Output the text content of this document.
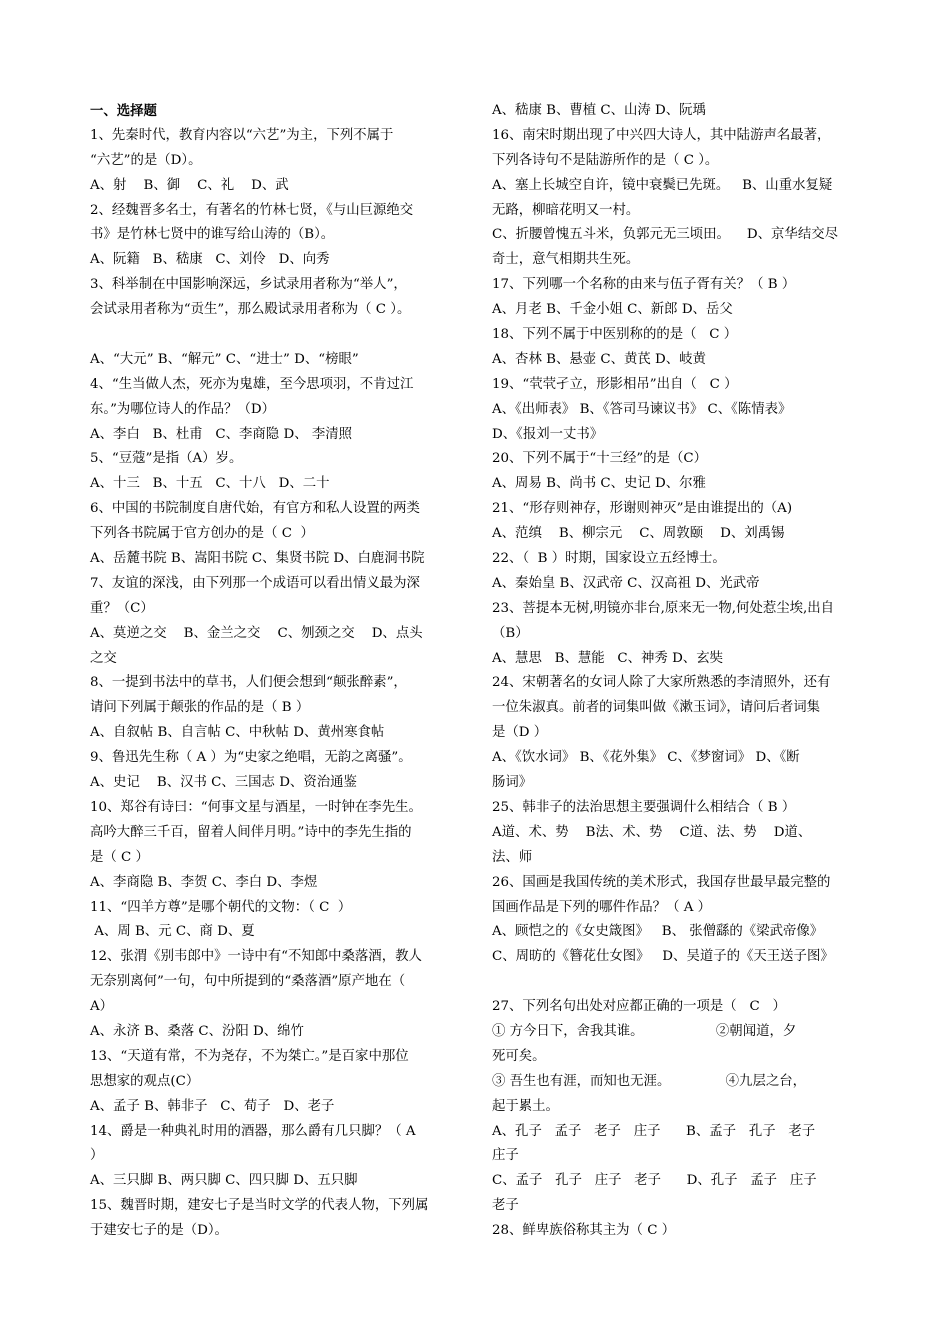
一、选择题
1、先秦时代，教育内容以“六艺”为主，下列不属于
“六艺”的是（D）。
A、射    B、御    C、礼    D、武
2、经魏晋多名士，有著名的竹林七贤，《与山巨源绝交
书》是竹林七贤中的谁写给山涛的（B）。
A、阮籍   B、嵇康   C、刘伶   D、向秀
3、科举制在中国影响深远，乡试录用者称为“举人”，
会试录用者称为“贡生”，那么殿试录用者称为（ C ）。
A、“大元” B、“解元” C、“进士” D、“榜眼”
4、“生当做人杰，死亦为鬼雄，至今思项羽，不肯过江
东。”为哪位诗人的作品？（D）
A、李白   B、杜甫   C、李商隐 D、 李清照
5、“豆蔻”是指（A）岁。
A、十三   B、十五   C、十八   D、二十
6、中国的书院制度自唐代始，有官方和私人设置的两类
下列各书院属于官方创办的是（ C  ）
A、岳麓书院 B、嵩阳书院 C、集贤书院 D、白鹿洞书院
7、友谊的深浅，由下列那一个成语可以看出情义最为深
重？（C）
A、莫逆之交    B、金兰之交    C、刎颈之交    D、点头
之交
8、一提到书法中的草书，人们便会想到“颠张醉素”，
请问下列属于颠张的作品的是（ B ）
A、自叙帖 B、自言帖 C、中秋帖 D、黄州寒食帖
9、鲁迅先生称（ A ）为“史家之绝唱，无韵之离骚”。
A、史记    B、汉书 C、三国志 D、资治通鉴
10、郑谷有诗曰：“何事文星与酒星，一时钟在李先生。
高吟大醉三千百，留着人间伴月明。”诗中的李先生指的
是（ C ）
A、李商隐 B、李贺 C、李白 D、李煜
11、“四羊方尊”是哪个朝代的文物：（ C  ）
A、周 B、元 C、商 D、夏
12、张渭《别韦郎中》一诗中有“不知郎中桑落酒，教人
无奈别离何”一句，句中所提到的“桑落酒”原产地在（
A）
A、永济 B、桑落 C、汾阳 D、绵竹
13、“天道有常，不为尧存，不为桀亡。”是百家中那位
思想家的观点(C）
A、孟子 B、韩非子   C、荀子   D、老子
14、爵是一种典礼时用的酒器，那么爵有几只脚？（ A
）
A、三只脚 B、两只脚 C、四只脚 D、五只脚
15、魏晋时期，建安七子是当时文学的代表人物，下列属
于建安七子的是（D）。
A、嵇康 B、曹植 C、山涛 D、阮瑀
16、南宋时期出现了中兴四大诗人，其中陆游声名最著，
下列各诗句不是陆游所作的是（ C ）。
A、塞上长城空自许，镜中衰鬓已先斑。   B、山重水复疑
无路，柳暗花明又一村。
C、折腰曾愧五斗米，负郭元无三顷田。    D、京华结交尽
奇士，意气相期共生死。
17、下列哪一个名称的由来与伍子胥有关？（ B ）
A、月老 B、千金小姐 C、新郎 D、岳父
18、下列不属于中医别称的的是（   C ）
A、杏林 B、悬壶 C、黄芪 D、岐黄
19、“茕茕孑立，形影相吊”出自（   C ）
A、《出师表》 B、《答司马谏议书》 C、《陈情表》
D、《报刘一丈书》
20、下列不属于“十三经”的是（C）
A、周易 B、尚书 C、史记 D、尔雅
21、“形存则神存，形谢则神灭”是由谁提出的（A)
A、范缜    B、柳宗元    C、周敦颐    D、刘禹锡
22、（  B ）时期，国家设立五经博士。
A、秦始皇 B、汉武帝 C、汉高祖 D、光武帝
23、菩提本无树,明镜亦非台,原来无一物,何处惹尘埃,出自
（B）
A、慧思   B、慧能   C、神秀 D、玄奘
24、宋朝著名的女词人除了大家所熟悉的李清照外，还有
一位朱淑真。前者的词集叫做《漱玉词》，请问后者词集
是（D ）
A、《饮水词》 B、《花外集》 C、《梦窗词》 D、《断
肠词》
25、韩非子的法治思想主要强调什么相结合（ B ）
A道、术、势    B法、术、势    C道、法、势    D道、
法、师
26、国画是我国传统的美术形式，我国存世最早最完整的
国画作品是下列的哪件作品？（ A ）
A、顾恺之的《女史箴图》   B、 张僧繇的《梁武帝像》
C、周昉的《簪花仕女图》   D、吴道子的《天王送子图》
27、下列名句出处对应都正确的一项是（   C   ）
① 方今日下，舍我其谁。                 ②朝闻道，夕
死可矣。
③ 吾生也有涯，而知也无涯。             ④九层之台，
起于累土。
A、孔子   孟子   老子   庄子      B、孟子   孔子   老子
庄子
C、孟子   孔子   庄子   老子      D、孔子   孟子   庄子
老子
28、鲜卑族俗称其主为（ C ）
